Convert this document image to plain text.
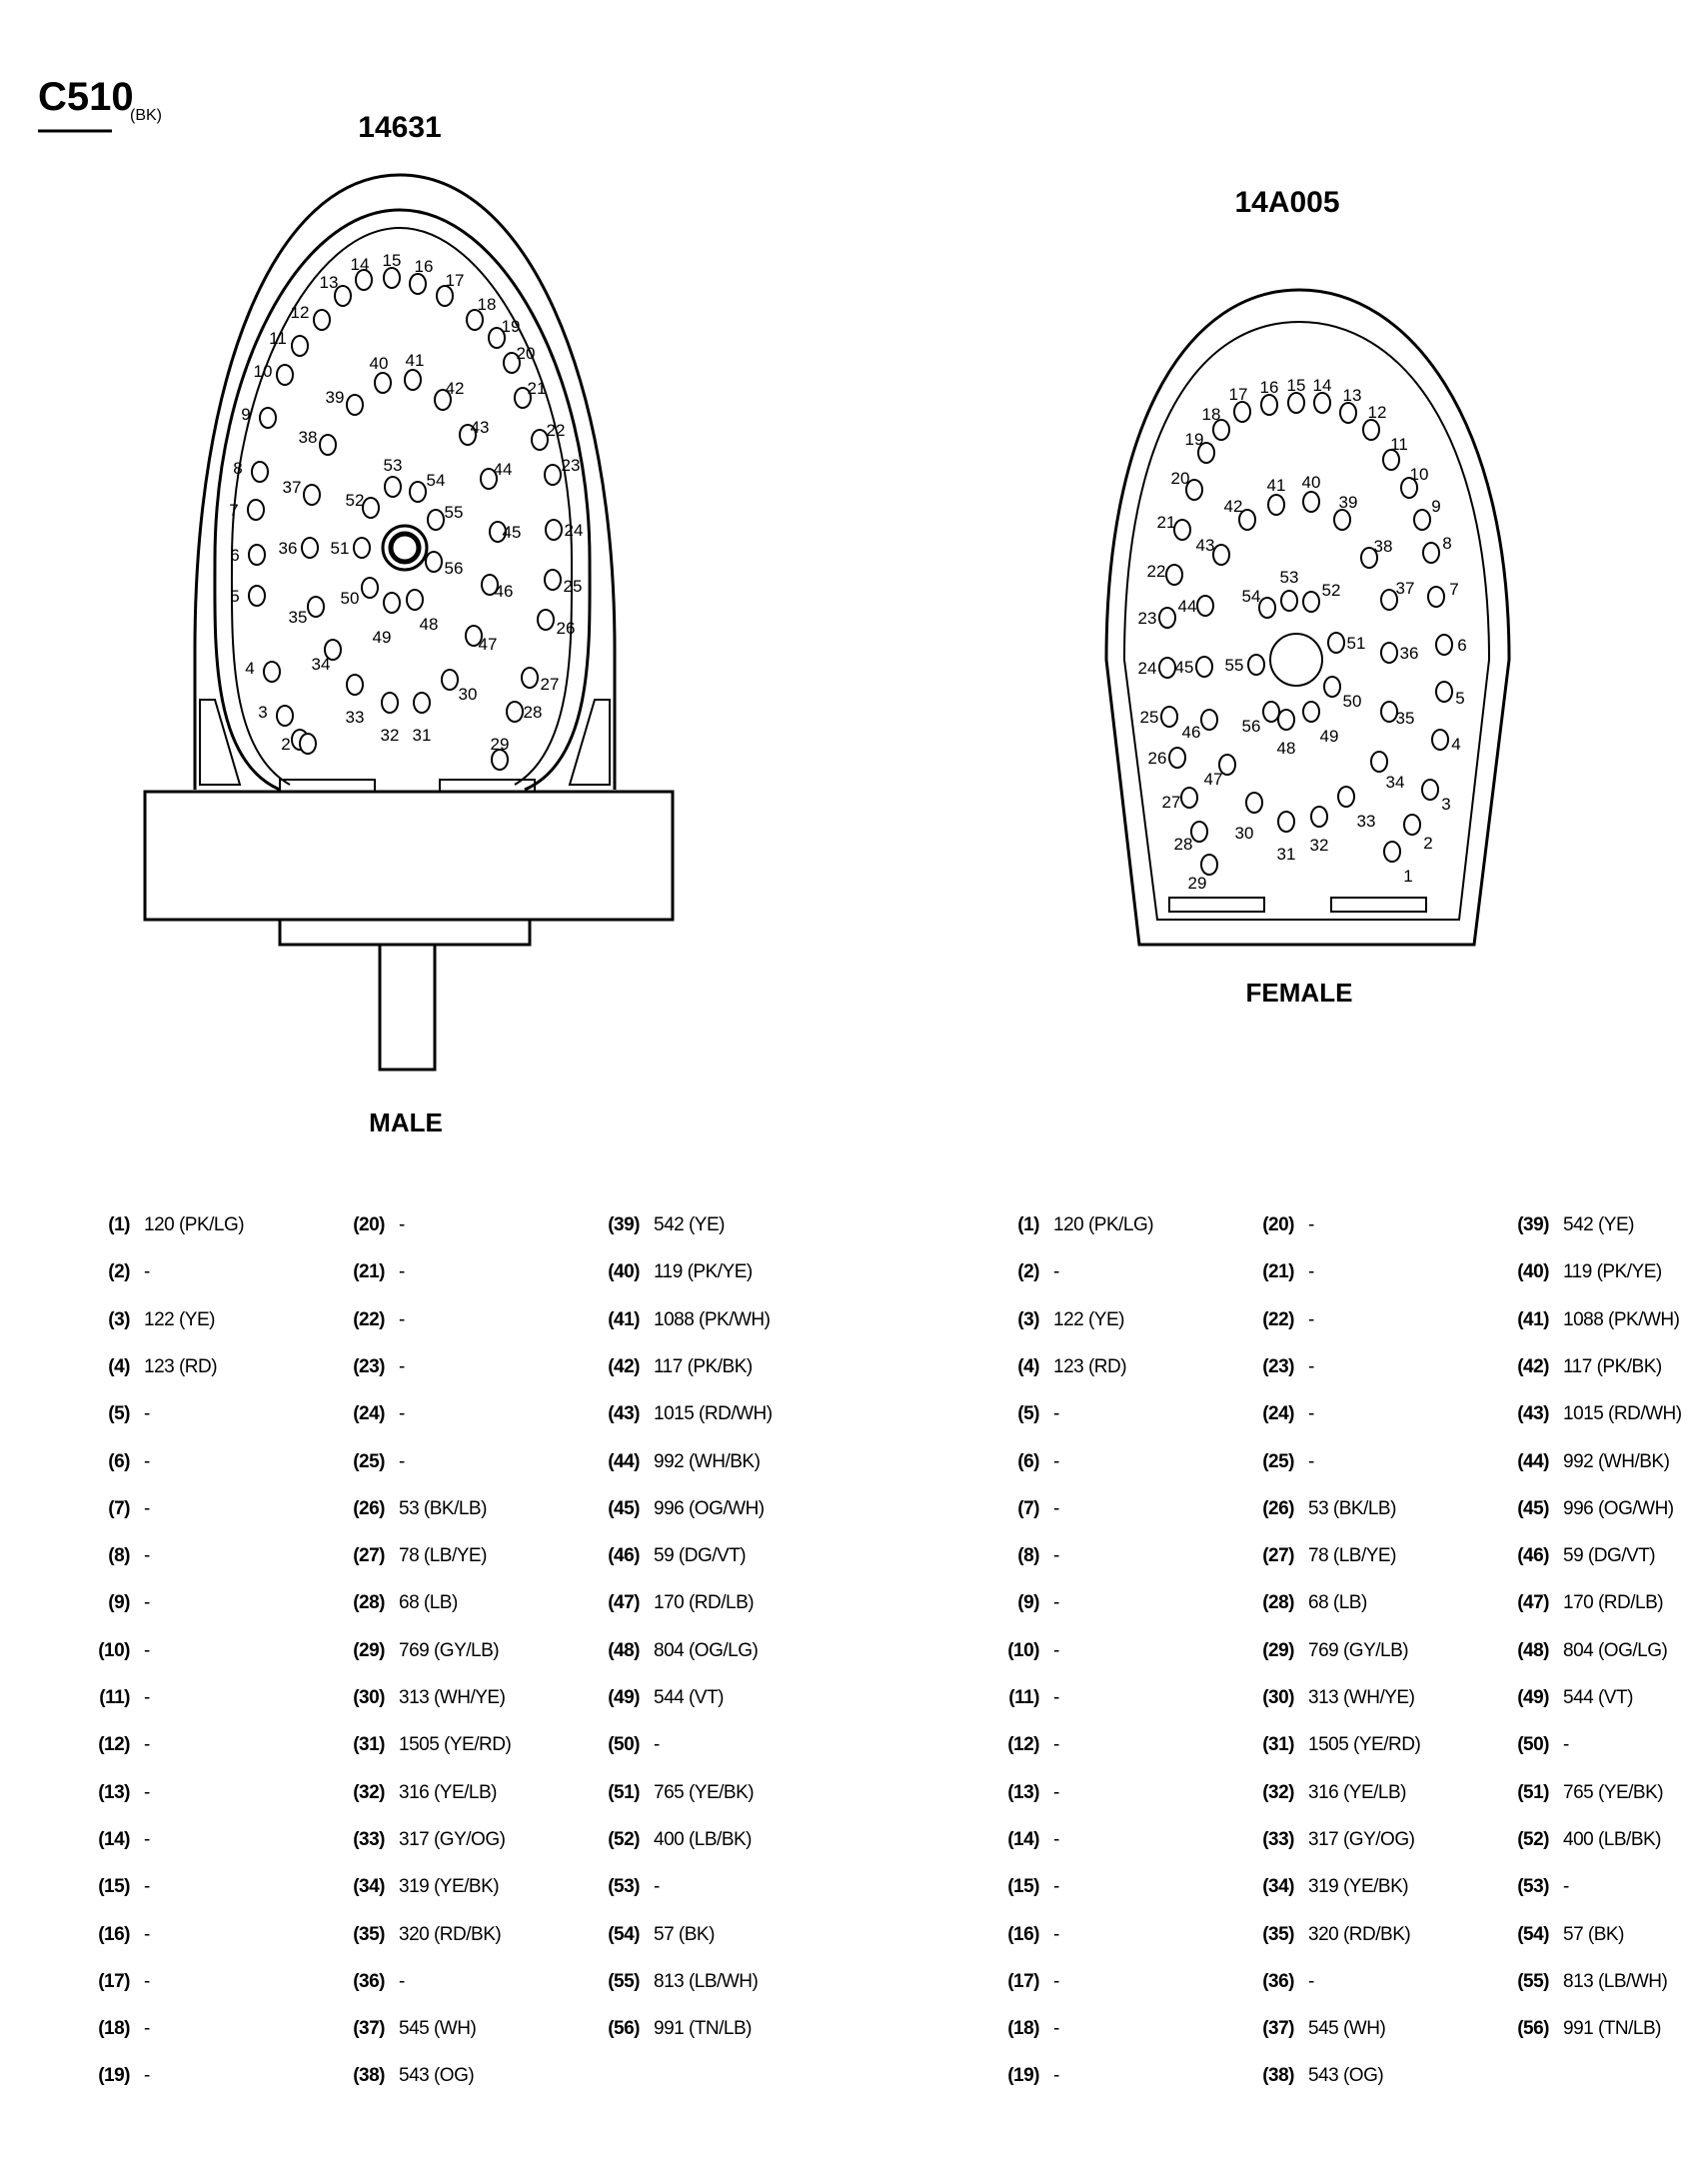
C510
(BK)	14631
2
3
4
5
6
7
8
9
10
11
12
13
14 15 16
17
18
19
20
21
22
23
24
25
26
27
28
29
30
31
32
33
34
35
36
37
38
39
40 41
42
43
44
45
46
47
48
49
50
51
52
53
54
55
56
MALE
14A005
1
2
3
4
5
6
7
8
9
10
11
12
13
14
15
16
17
18
19
20
21
22
23
24
25
26
27
28
29
30
31 32
33
34
35
36
37
38
39
40
41
42
43
44
45
46
47
48
49
50
51
52
53
54
55
56
FEMALE
(1) 120 (PK/LG)
(2) -
(3) 122 (YE)
(4) 123 (RD)
(5) -
(6) -
(7) -
(8) -
(9) -
(10) -
(11) -
(12) -
(13) -
(14) -
(15) -
(16) -
(17) -
(18) -
(19) -
(20) -
(21) -
(22) -
(23) -
(24) -
(25) -
(26) 53 (BK/LB)
(27) 78 (LB/YE)
(28) 68 (LB)
(29) 769 (GY/LB)
(30) 313 (WH/YE)
(31) 1505 (YE/RD)
(32) 316 (YE/LB)
(33) 317 (GY/OG)
(34) 319 (YE/BK)
(35) 320 (RD/BK)
(36) -
(37) 545 (WH)
(38) 543 (OG)
(39) 542 (YE)
(40) 119 (PK/YE)
(41) 1088 (PK/WH)
(42) 117 (PK/BK)
(43) 1015 (RD/WH)
(44) 992 (WH/BK)
(45) 996 (OG/WH)
(46) 59 (DG/VT)
(47) 170 (RD/LB)
(48) 804 (OG/LG)
(49) 544 (VT)
(50) -
(51) 765 (YE/BK)
(52) 400 (LB/BK)
(53) -
(54) 57 (BK)
(55) 813 (LB/WH)
(56) 991 (TN/LB)
(1) 120 (PK/LG)
(2) -
(3) 122 (YE)
(4) 123 (RD)
(5) -
(6) -
(7) -
(8) -
(9) -
(10) -
(11) -
(12) -
(13) -
(14) -
(15) -
(16) -
(17) -
(18) -
(19) -
(20) -
(21) -
(22) -
(23) -
(24) -
(25) -
(26) 53 (BK/LB)
(27) 78 (LB/YE)
(28) 68 (LB)
(29) 769 (GY/LB)
(30) 313 (WH/YE)
(31) 1505 (YE/RD)
(32) 316 (YE/LB)
(33) 317 (GY/OG)
(34) 319 (YE/BK)
(35) 320 (RD/BK)
(36) -
(37) 545 (WH)
(38) 543 (OG)
(39) 542 (YE)
(40) 119 (PK/YE)
(41) 1088 (PK/WH)
(42) 117 (PK/BK)
(43) 1015 (RD/WH)
(44) 992 (WH/BK)
(45) 996 (OG/WH)
(46) 59 (DG/VT)
(47) 170 (RD/LB)
(48) 804 (OG/LG)
(49) 544 (VT)
(50) -
(51) 765 (YE/BK)
(52) 400 (LB/BK)
(53) -
(54) 57 (BK)
(55) 813 (LB/WH)
(56) 991 (TN/LB)
